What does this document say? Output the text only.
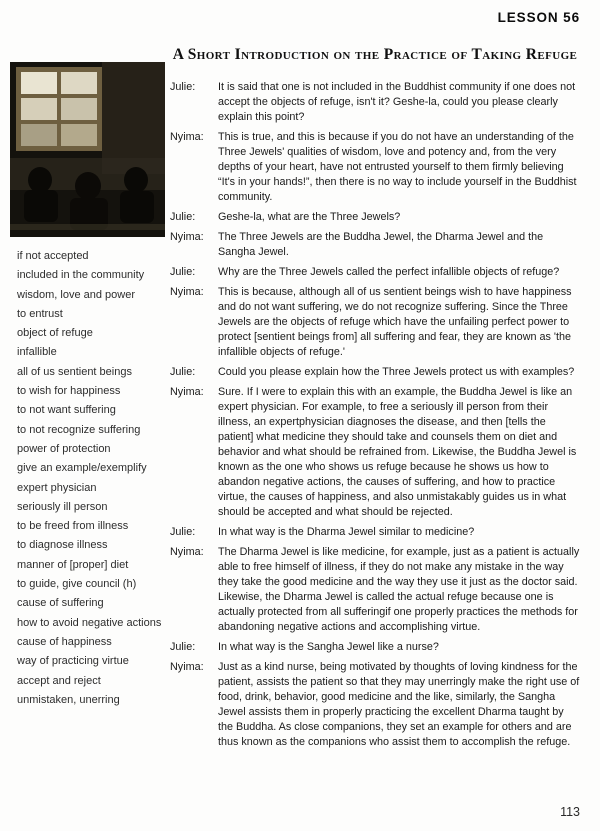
LESSON 56
if not accepted
included in the community
wisdom, love and power
to entrust
object of refuge
infallible
all of us sentient beings
to wish for happiness
to not want suffering
to not recognize suffering
power of protection
give an example/exemplify
expert physician
seriously ill person
to be freed from illness
to diagnose illness
manner of [proper] diet
to guide, give council (h)
cause of suffering
how to avoid negative actions
cause of happiness
way of practicing virtue
accept and reject
unmistaken, unerring
A Short Introduction on the Practice of Taking Refuge
Julie:	It is said that one is not included in the Buddhist community if one does not accept the objects of refuge, isn't it? Geshe-la, could you please clearly explain this point?
Nyima:	This is true, and this is because if you do not have an understanding of the Three Jewels' qualities of wisdom, love and potency and, from the very depths of your heart, have not entrusted yourself to them firmly believing “It's in your hands!”, then there is no way to include yourself in the Buddhist community.
Julie:	Geshe-la, what are the Three Jewels?
Nyima:	The Three Jewels are the Buddha Jewel, the Dharma Jewel and the Sangha Jewel.
Julie:	Why are the Three Jewels called the perfect infallible objects of refuge?
Nyima:	This is because, although all of us sentient beings wish to have happiness and do not want suffering, we do not recognize suffering. Since the Three Jewels are the objects of refuge which have the unfailing perfect power to protect [sentient beings from] all suffering and fear, they are known as 'the infallible objects of refuge.'
Julie:	Could you please explain how the Three Jewels protect us with examples?
Nyima:	Sure. If I were to explain this with an example, the Buddha Jewel is like an expert physician. For example, to free a seriously ill person from their illness, an expertphysician diagnoses the disease, and then [tells the patient] what medicine they should take and counsels them on diet and behavior and what should be refrained from. Likewise, the Buddha Jewel is known as the one who shows us refuge because he shows us how to abandon negative actions, the causes of suffering, and how to practice virtue, the causes of happiness, and also unmistakably guides us in what should be accepted and what should be rejected.
Julie:	In what way is the Dharma Jewel similar to medicine?
Nyima:	The Dharma Jewel is like medicine, for example, just as a patient is actually able to free himself of illness, if they do not make any mistake in the way they take the good medicine and the way they use it just as the doctor said. Likewise, the Dharma Jewel is called the actual refuge because one is actually protected from all sufferingif one properly practices the methods for abandoning negative actions and accomplishing virtue.
Julie:	In what way is the Sangha Jewel like a nurse?
Nyima:	Just as a kind nurse, being motivated by thoughts of loving kindness for the patient, assists the patient so that they may unerringly make the right use of food, drink, behavior, good medicine and the like, similarly, the Sangha Jewel assists them in properly practicing the excellent Dharma taught by the Buddha. As close companions, they set an example for others and are thus known as the companions who assist them to accomplish the refuge.
113
